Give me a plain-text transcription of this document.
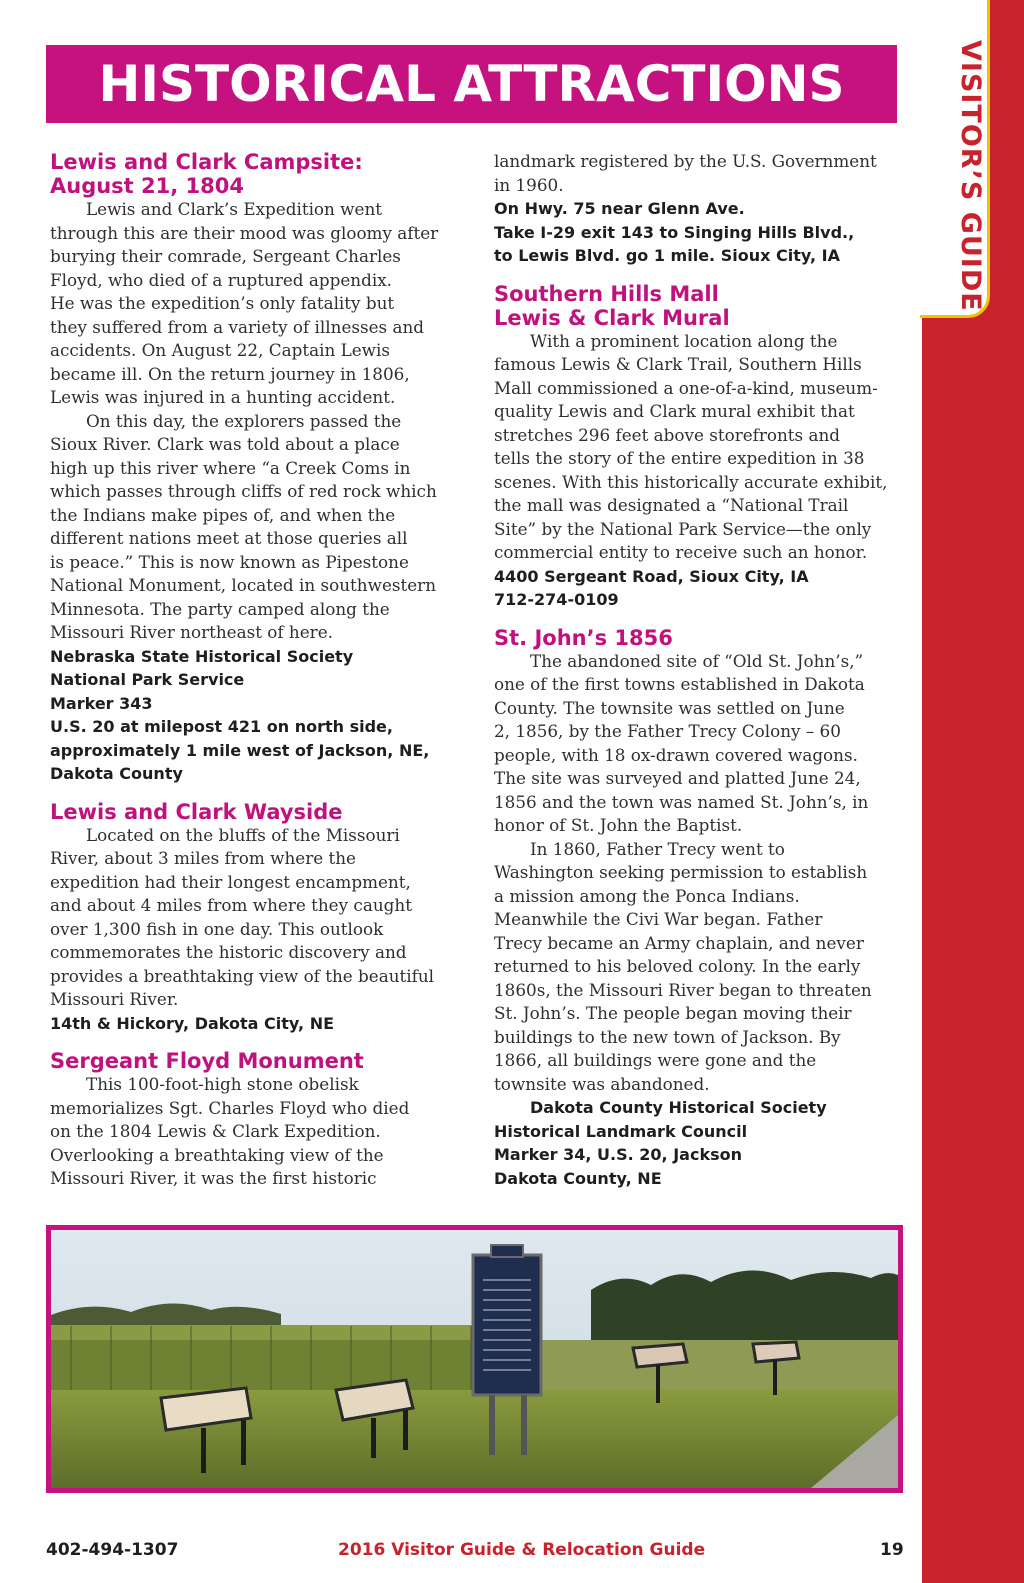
VISITOR’S GUIDE
HISTORICAL ATTRACTIONS
Lewis and Clark Campsite:
August 21, 1804
Lewis and Clark’s Expedition went
through this are their mood was gloomy after
burying their comrade, Sergeant Charles
Floyd, who died of a ruptured appendix.
He was the expedition’s only fatality but
they suffered from a variety of illnesses and
accidents. On August 22, Captain Lewis
became ill. On the return journey in 1806,
Lewis was injured in a hunting accident.
On this day, the explorers passed the
Sioux River. Clark was told about a place
high up this river where “a Creek Coms in
which passes through cliffs of red rock which
the Indians make pipes of, and when the
different nations meet at those queries all
is peace.” This is now known as Pipestone
National Monument, located in southwestern
Minnesota. The party camped along the
Missouri River northeast of here.
Nebraska State Historical Society
National Park Service
Marker 343
U.S. 20 at milepost 421 on north side,
approximately 1 mile west of Jackson, NE,
Dakota County
Lewis and Clark Wayside
Located on the bluffs of the Missouri
River, about 3 miles from where the
expedition had their longest encampment,
and about 4 miles from where they caught
over 1,300 fish in one day. This outlook
commemorates the historic discovery and
provides a breathtaking view of the beautiful
Missouri River.
14th & Hickory, Dakota City, NE
Sergeant Floyd Monument
This 100-foot-high stone obelisk
memorializes Sgt. Charles Floyd who died
on the 1804 Lewis & Clark Expedition.
Overlooking a breathtaking view of the
Missouri River, it was the first historic
landmark registered by the U.S. Government
in 1960.
On Hwy. 75 near Glenn Ave.
Take I-29 exit 143 to Singing Hills Blvd.,
to Lewis Blvd. go 1 mile. Sioux City, IA
Southern Hills Mall
Lewis & Clark Mural
With a prominent location along the
famous Lewis & Clark Trail, Southern Hills
Mall commissioned a one-of-a-kind, museum-
quality Lewis and Clark mural exhibit that
stretches 296 feet above storefronts and
tells the story of the entire expedition in 38
scenes. With this historically accurate exhibit,
the mall was designated a “National Trail
Site” by the National Park Service—the only
commercial entity to receive such an honor.
4400 Sergeant Road, Sioux City, IA
712-274-0109
St. John’s 1856
The abandoned site of “Old St. John’s,”
one of the first towns established in Dakota
County. The townsite was settled on June
2, 1856, by the Father Trecy Colony – 60
people, with 18 ox-drawn covered wagons.
The site was surveyed and platted June 24,
1856 and the town was named St. John’s, in
honor of St. John the Baptist.
In 1860, Father Trecy went to
Washington seeking permission to establish
a mission among the Ponca Indians.
Meanwhile the Civi War began. Father
Trecy became an Army chaplain, and never
returned to his beloved colony. In the early
1860s, the Missouri River began to threaten
St. John’s. The people began moving their
buildings to the new town of Jackson. By
1866, all buildings were gone and the
townsite was abandoned.
Dakota County Historical Society
Historical Landmark Council
Marker 34, U.S. 20, Jackson
Dakota County, NE
402-494-1307	2016 Visitor Guide & Relocation Guide	19
